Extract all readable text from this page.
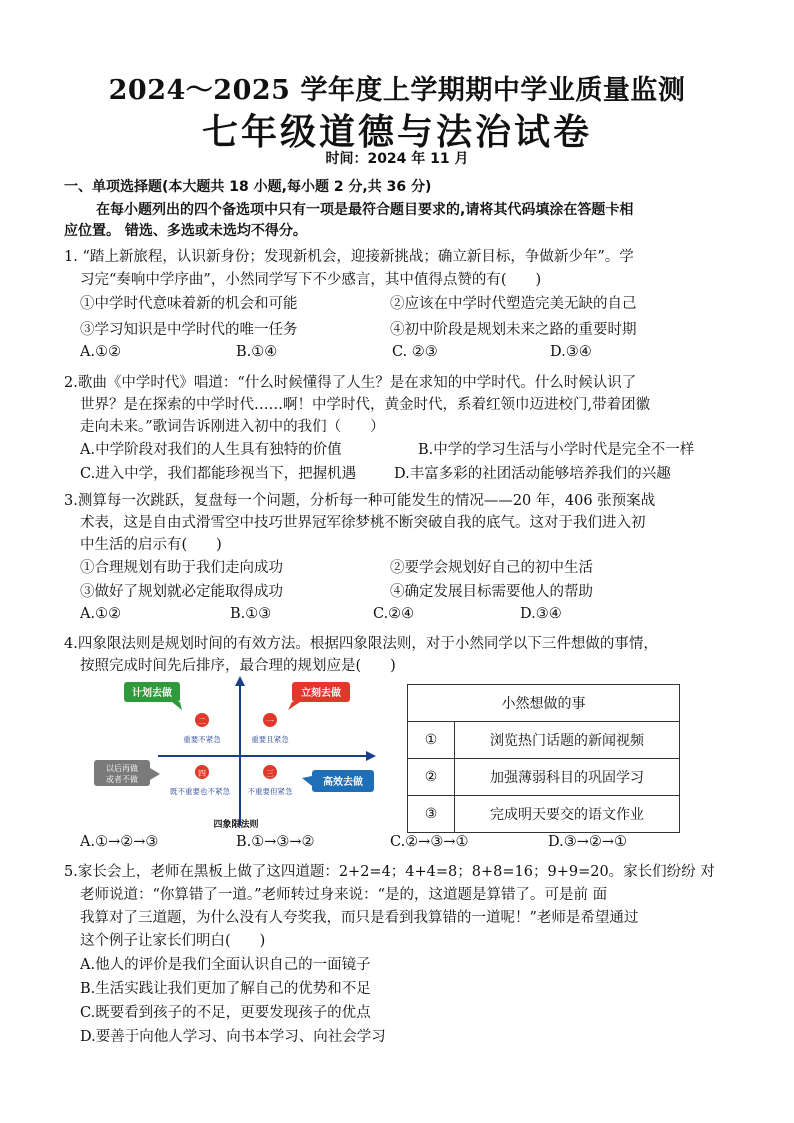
2024～2025 学年度上学期期中学业质量监测
七年级道德与法治试卷
时间：2024 年 11 月
一、单项选择题(本大题共 18 小题,每小题 2 分,共 36 分)
在每小题列出的四个备选项中只有一项是最符合题目要求的,请将其代码填涂在答题卡相
应位置。 错选、多选或未选均不得分。
1. “踏上新旅程，认识新身份；发现新机会，迎接新挑战；确立新目标，争做新少年”。学
习完“奏响中学序曲”，小然同学写下不少感言，其中值得点赞的有(　　)
①中学时代意味着新的机会和可能	②应该在中学时代塑造完美无缺的自己
③学习知识是中学时代的唯一任务	④初中阶段是规划未来之路的重要时期
A.①②	B.①④	C. ②③	D.③④
2.歌曲《中学时代》唱道：“什么时候懂得了人生？是在求知的中学时代。什么时候认识了
世界？是在探索的中学时代……啊！中学时代，黄金时代，系着红领巾迈进校门,带着团徽
走向未来。”歌词告诉刚进入初中的我们（　　）
A.中学阶段对我们的人生具有独特的价值	B.中学的学习生活与小学时代是完全不一样
C.进入中学，我们都能珍视当下，把握机遇	D.丰富多彩的社团活动能够培养我们的兴趣
3.测算每一次跳跃，复盘每一个问题，分析每一种可能发生的情况——20 年，406 张预案战
术表，这是自由式滑雪空中技巧世界冠军徐梦桃不断突破自我的底气。这对于我们进入初
中生活的启示有(　　)
①合理规划有助于我们走向成功	②要学会规划好自己的初中生活
③做好了规划就必定能取得成功	④确定发展目标需要他人的帮助
A.①②	B.①③	C.②④	D.③④
4.四象限法则是规划时间的有效方法。根据四象限法则，对于小然同学以下三件想做的事情，
按照完成时间先后排序，最合理的规划应是(　　)
计划去做	立刻去做
以后再做
或者不做
以后再做或者不做
高效去做
二	一
四	三
重要不紧急	重要且紧急
既不重要也不紧急 不重要但紧急
四象限法则
小然想做的事	
①	浏览热门话题的新闻视频
②	加强薄弱科目的巩固学习
③	完成明天要交的语文作业
A.①→②→③	B.①→③→②	C.②→③→①	D.③→②→①
5.家长会上，老师在黑板上做了这四道题：2+2=4；4+4=8；8+8=16；9+9=20。家长们纷纷 对
老师说道：“你算错了一道。”老师转过身来说：“是的，这道题是算错了。可是前 面
我算对了三道题，为什么没有人夸奖我，而只是看到我算错的一道呢！”老师是希望通过
这个例子让家长们明白(　　)
A.他人的评价是我们全面认识自己的一面镜子
B.生活实践让我们更加了解自己的优势和不足
C.既要看到孩子的不足，更要发现孩子的优点
D.要善于向他人学习、向书本学习、向社会学习
